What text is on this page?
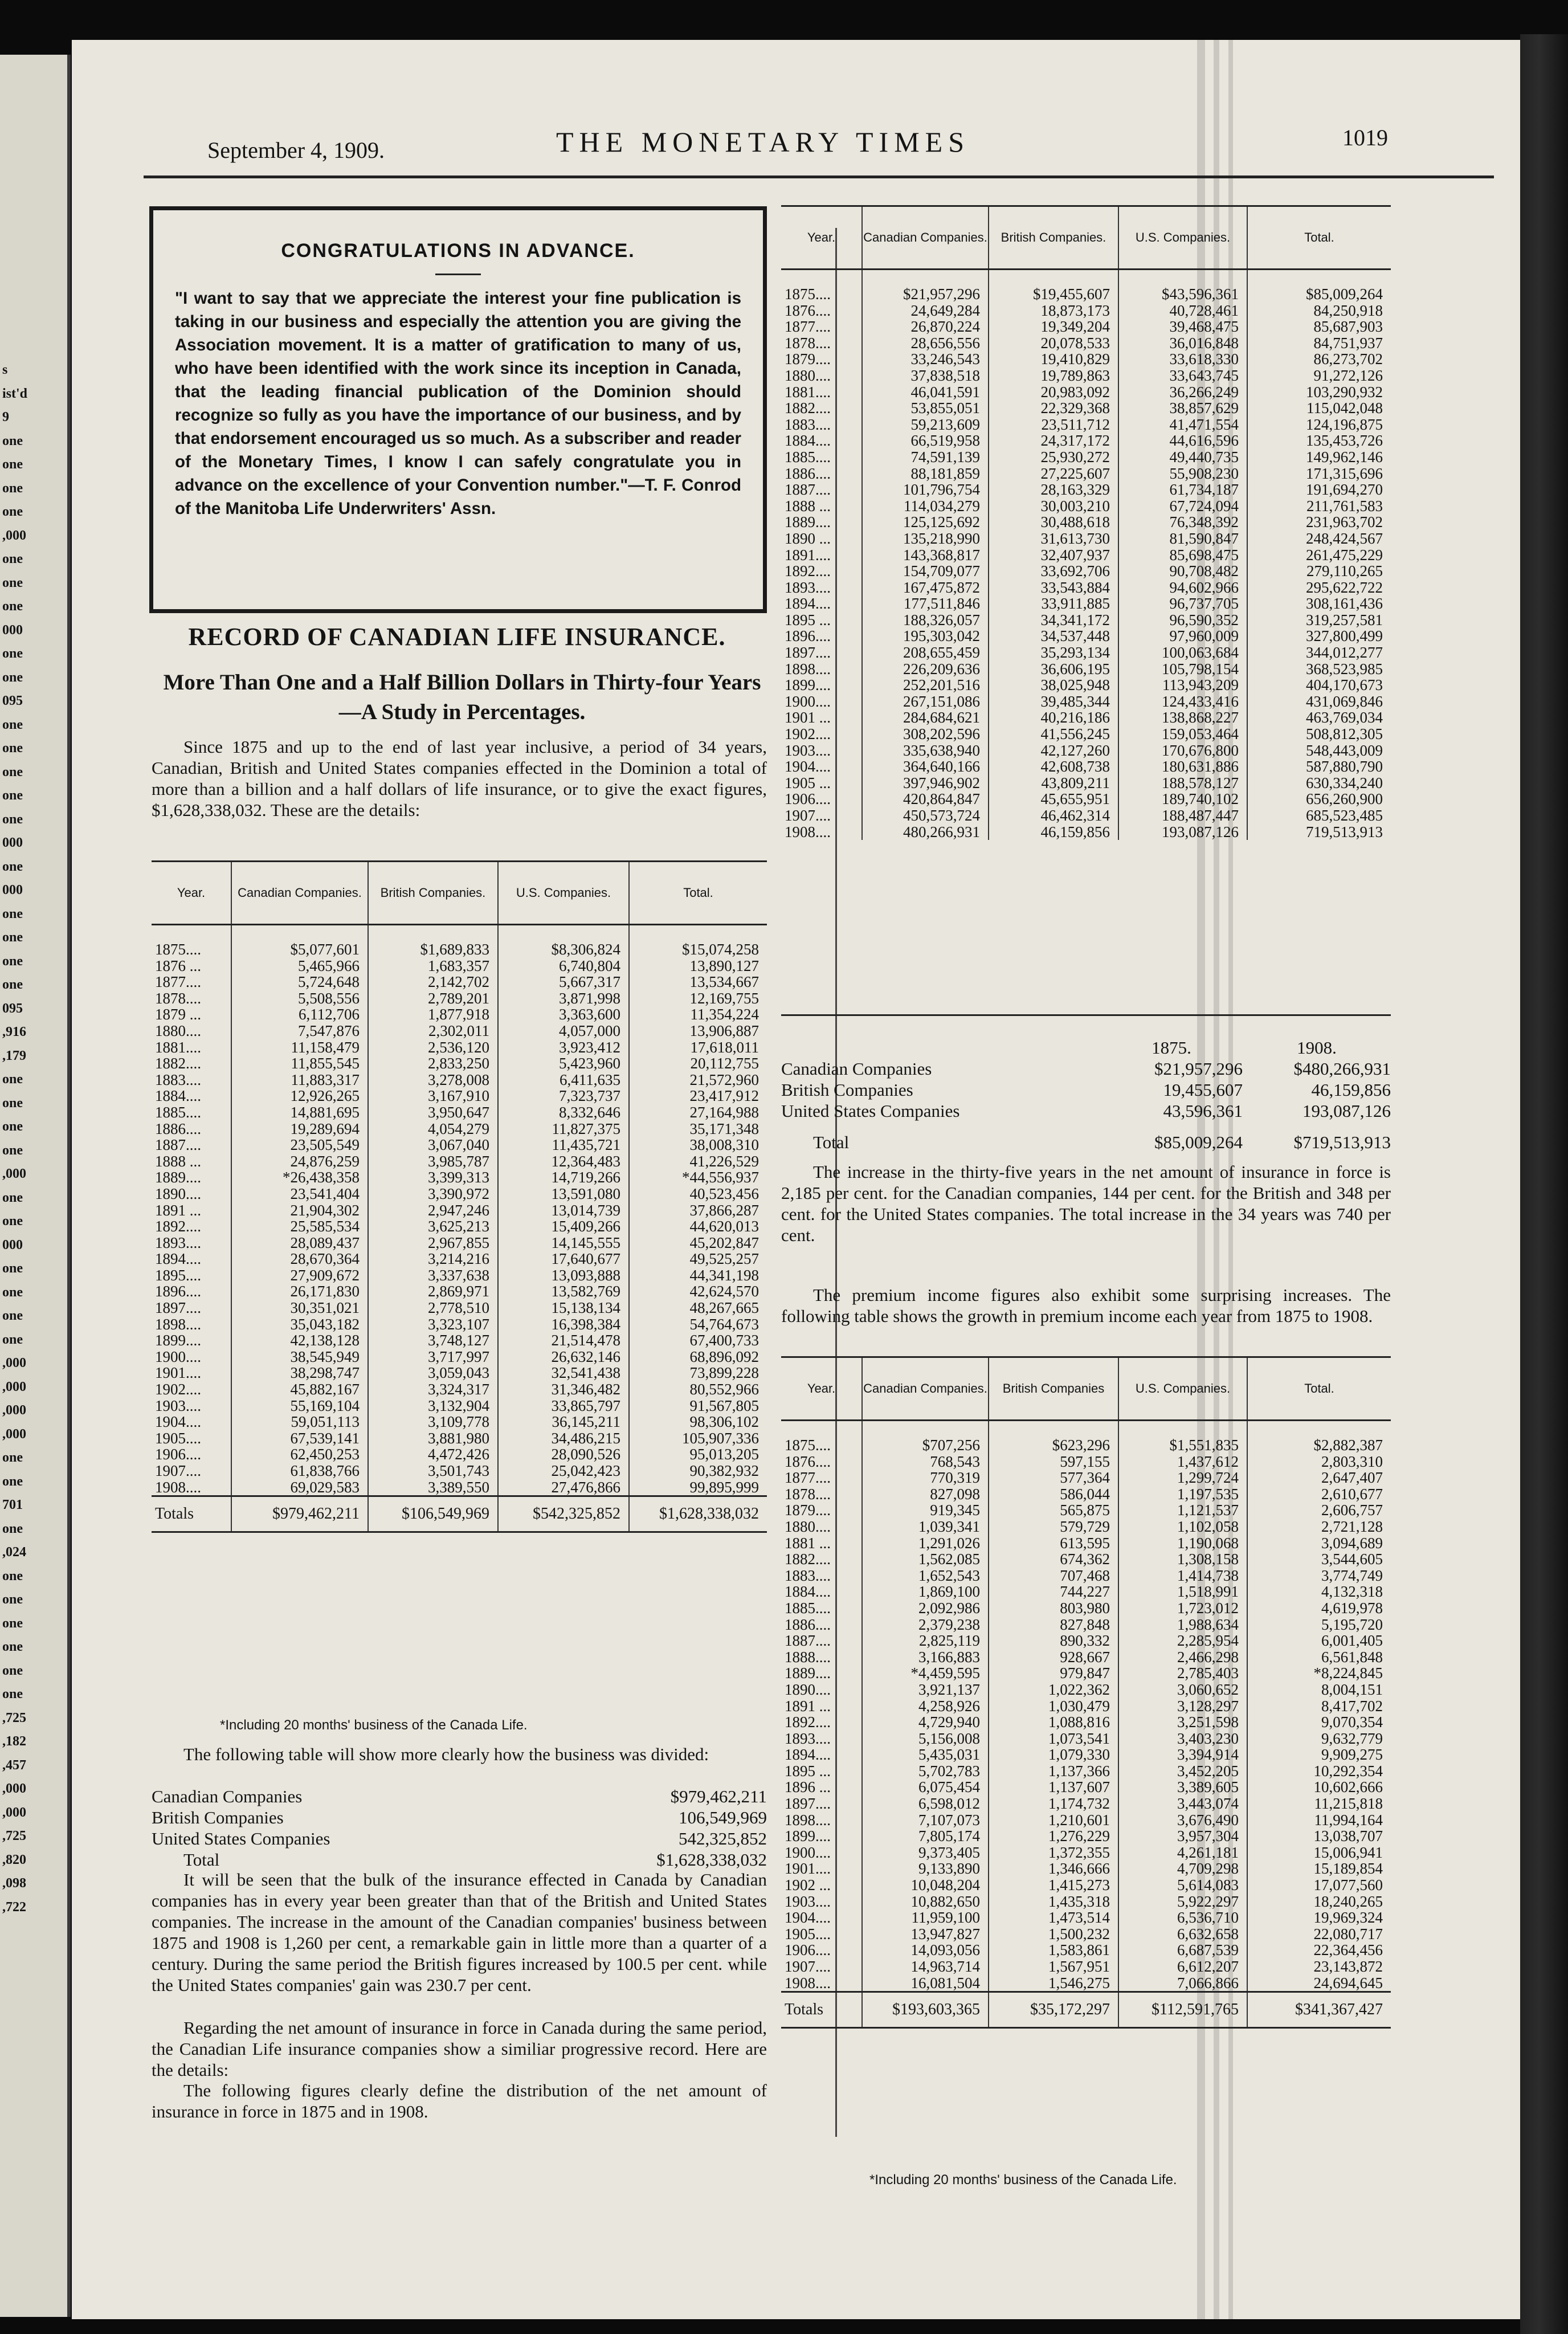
s
ist'd
9
one
one
one
one
,000
one
one
one
000
one
one
095
one
one
one
one
one
000
one
000
one
one
one
one
095
,916
,179
one
one
one
one
,000
one
one
000
one
one
one
one
,000
,000
,000
,000
one
one
701
one
,024
one
one
one
one
one
one
,725
,182
,457
,000
,000
,725
,820
,098
,722
September 4, 1909.	THE MONETARY TIMES	1019
CONGRATULATIONS IN ADVANCE.
"I want to say that we appreciate the interest your fine publication is taking in our business and especially the attention you are giving the Association movement. It is a matter of gratification to many of us, who have been identified with the work since its inception in Canada, that the leading financial publication of the Dominion should recognize so fully as you have the importance of our business, and by that endorsement encouraged us so much. As a subscriber and reader of the Monetary Times, I know I can safely congratulate you in advance on the excellence of your Convention number."—T. F. Conrod of the Manitoba Life Underwriters' Assn.
RECORD OF CANADIAN LIFE INSURANCE.
More Than One and a Half Billion Dollars in Thirty-four Years—A Study in Percentages.

Since 1875 and up to the end of last year inclusive, a period of 34 years, Canadian, British and United States companies effected in the Dominion a total of more than a billion and a half dollars of life insurance, or to give the exact figures, $1,628,338,032. These are the details:

Year.	Canadian Companies.	British Companies.	U.S. Companies.	Total.
1875....	$5,077,601	$1,689,833	$8,306,824	$15,074,258
1876 ...	5,465,966	1,683,357	6,740,804	13,890,127
1877....	5,724,648	2,142,702	5,667,317	13,534,667
1878....	5,508,556	2,789,201	3,871,998	12,169,755
1879 ...	6,112,706	1,877,918	3,363,600	11,354,224
1880....	7,547,876	2,302,011	4,057,000	13,906,887
1881....	11,158,479	2,536,120	3,923,412	17,618,011
1882....	11,855,545	2,833,250	5,423,960	20,112,755
1883....	11,883,317	3,278,008	6,411,635	21,572,960
1884....	12,926,265	3,167,910	7,323,737	23,417,912
1885....	14,881,695	3,950,647	8,332,646	27,164,988
1886....	19,289,694	4,054,279	11,827,375	35,171,348
1887....	23,505,549	3,067,040	11,435,721	38,008,310
1888 ...	24,876,259	3,985,787	12,364,483	41,226,529
1889....	*26,438,358	3,399,313	14,719,266	*44,556,937
1890....	23,541,404	3,390,972	13,591,080	40,523,456
1891 ...	21,904,302	2,947,246	13,014,739	37,866,287
1892....	25,585,534	3,625,213	15,409,266	44,620,013
1893....	28,089,437	2,967,855	14,145,555	45,202,847
1894....	28,670,364	3,214,216	17,640,677	49,525,257
1895....	27,909,672	3,337,638	13,093,888	44,341,198
1896....	26,171,830	2,869,971	13,582,769	42,624,570
1897....	30,351,021	2,778,510	15,138,134	48,267,665
1898....	35,043,182	3,323,107	16,398,384	54,764,673
1899....	42,138,128	3,748,127	21,514,478	67,400,733
1900....	38,545,949	3,717,997	26,632,146	68,896,092
1901....	38,298,747	3,059,043	32,541,438	73,899,228
1902....	45,882,167	3,324,317	31,346,482	80,552,966
1903....	55,169,104	3,132,904	33,865,797	91,567,805
1904....	59,051,113	3,109,778	36,145,211	98,306,102
1905....	67,539,141	3,881,980	34,486,215	105,907,336
1906....	62,450,253	4,472,426	28,090,526	95,013,205
1907....	61,838,766	3,501,743	25,042,423	90,382,932
1908....	69,029,583	3,389,550	27,476,866	99,895,999
Totals	$979,462,211	$106,549,969	$542,325,852	$1,628,338,032
*Including 20 months' business of the Canada Life.

The following table will show more clearly how the business was divided:

Canadian Companies	$979,462,211
British Companies	106,549,969
United States Companies	542,325,852
Total	$1,628,338,032

It will be seen that the bulk of the insurance effected in Canada by Canadian companies has in every year been greater than that of the British and United States companies. The increase in the amount of the Canadian companies' business between 1875 and 1908 is 1,260 per cent, a remarkable gain in little more than a quarter of a century. During the same period the British figures increased by 100.5 per cent. while the United States companies' gain was 230.7 per cent.

Regarding the net amount of insurance in force in Canada during the same period, the Canadian Life insurance companies show a similiar progressive record. Here are the details:

The following figures clearly define the distribution of the net amount of insurance in force in 1875 and in 1908.

Year.	Canadian Companies.	British Companies.	U.S. Companies.	Total.
1875....	$21,957,296	$19,455,607	$43,596,361	$85,009,264
1876....	24,649,284	18,873,173	40,728,461	84,250,918
1877....	26,870,224	19,349,204	39,468,475	85,687,903
1878....	28,656,556	20,078,533	36,016,848	84,751,937
1879....	33,246,543	19,410,829	33,618,330	86,273,702
1880....	37,838,518	19,789,863	33,643,745	91,272,126
1881....	46,041,591	20,983,092	36,266,249	103,290,932
1882....	53,855,051	22,329,368	38,857,629	115,042,048
1883....	59,213,609	23,511,712	41,471,554	124,196,875
1884....	66,519,958	24,317,172	44,616,596	135,453,726
1885....	74,591,139	25,930,272	49,440,735	149,962,146
1886....	88,181,859	27,225,607	55,908,230	171,315,696
1887....	101,796,754	28,163,329	61,734,187	191,694,270
1888 ...	114,034,279	30,003,210	67,724,094	211,761,583
1889....	125,125,692	30,488,618	76,348,392	231,963,702
1890 ...	135,218,990	31,613,730	81,590,847	248,424,567
1891....	143,368,817	32,407,937	85,698,475	261,475,229
1892....	154,709,077	33,692,706	90,708,482	279,110,265
1893....	167,475,872	33,543,884	94,602,966	295,622,722
1894....	177,511,846	33,911,885	96,737,705	308,161,436
1895 ...	188,326,057	34,341,172	96,590,352	319,257,581
1896....	195,303,042	34,537,448	97,960,009	327,800,499
1897....	208,655,459	35,293,134	100,063,684	344,012,277
1898....	226,209,636	36,606,195	105,798,154	368,523,985
1899....	252,201,516	38,025,948	113,943,209	404,170,673
1900....	267,151,086	39,485,344	124,433,416	431,069,846
1901 ...	284,684,621	40,216,186	138,868,227	463,769,034
1902....	308,202,596	41,556,245	159,053,464	508,812,305
1903....	335,638,940	42,127,260	170,676,800	548,443,009
1904....	364,640,166	42,608,738	180,631,886	587,880,790
1905 ...	397,946,902	43,809,211	188,578,127	630,334,240
1906....	420,864,847	45,655,951	189,740,102	656,260,900
1907....	450,573,724	46,462,314	188,487,447	685,523,485
1908....	480,266,931	46,159,856	193,087,126	719,513,913
1875.	1908.
Canadian Companies	$21,957,296	$480,266,931
British Companies	19,455,607	46,159,856
United States Companies	43,596,361	193,087,126
Total	$85,009,264	$719,513,913

The increase in the thirty-five years in the net amount of insurance in force is 2,185 per cent. for the Canadian companies, 144 per cent. for the British and 348 per cent. for the United States companies. The total increase in the 34 years was 740 per cent.

The premium income figures also exhibit some surprising increases. The following table shows the growth in premium income each year from 1875 to 1908.

Year.	Canadian Companies.	British Companies	U.S. Companies.	Total.
1875....	$707,256	$623,296	$1,551,835	$2,882,387
1876....	768,543	597,155	1,437,612	2,803,310
1877....	770,319	577,364	1,299,724	2,647,407
1878....	827,098	586,044	1,197,535	2,610,677
1879....	919,345	565,875	1,121,537	2,606,757
1880....	1,039,341	579,729	1,102,058	2,721,128
1881 ...	1,291,026	613,595	1,190,068	3,094,689
1882....	1,562,085	674,362	1,308,158	3,544,605
1883....	1,652,543	707,468	1,414,738	3,774,749
1884....	1,869,100	744,227	1,518,991	4,132,318
1885....	2,092,986	803,980	1,723,012	4,619,978
1886....	2,379,238	827,848	1,988,634	5,195,720
1887....	2,825,119	890,332	2,285,954	6,001,405
1888....	3,166,883	928,667	2,466,298	6,561,848
1889....	*4,459,595	979,847	2,785,403	*8,224,845
1890....	3,921,137	1,022,362	3,060,652	8,004,151
1891 ...	4,258,926	1,030,479	3,128,297	8,417,702
1892....	4,729,940	1,088,816	3,251,598	9,070,354
1893....	5,156,008	1,073,541	3,403,230	9,632,779
1894....	5,435,031	1,079,330	3,394,914	9,909,275
1895 ...	5,702,783	1,137,366	3,452,205	10,292,354
1896 ...	6,075,454	1,137,607	3,389,605	10,602,666
1897....	6,598,012	1,174,732	3,443,074	11,215,818
1898....	7,107,073	1,210,601	3,676,490	11,994,164
1899....	7,805,174	1,276,229	3,957,304	13,038,707
1900....	9,373,405	1,372,355	4,261,181	15,006,941
1901....	9,133,890	1,346,666	4,709,298	15,189,854
1902 ...	10,048,204	1,415,273	5,614,083	17,077,560
1903....	10,882,650	1,435,318	5,922,297	18,240,265
1904....	11,959,100	1,473,514	6,536,710	19,969,324
1905....	13,947,827	1,500,232	6,632,658	22,080,717
1906....	14,093,056	1,583,861	6,687,539	22,364,456
1907....	14,963,714	1,567,951	6,612,207	23,143,872
1908....	16,081,504	1,546,275	7,066,866	24,694,645
Totals	$193,603,365	$35,172,297	$112,591,765	$341,367,427
*Including 20 months' business of the Canada Life.
